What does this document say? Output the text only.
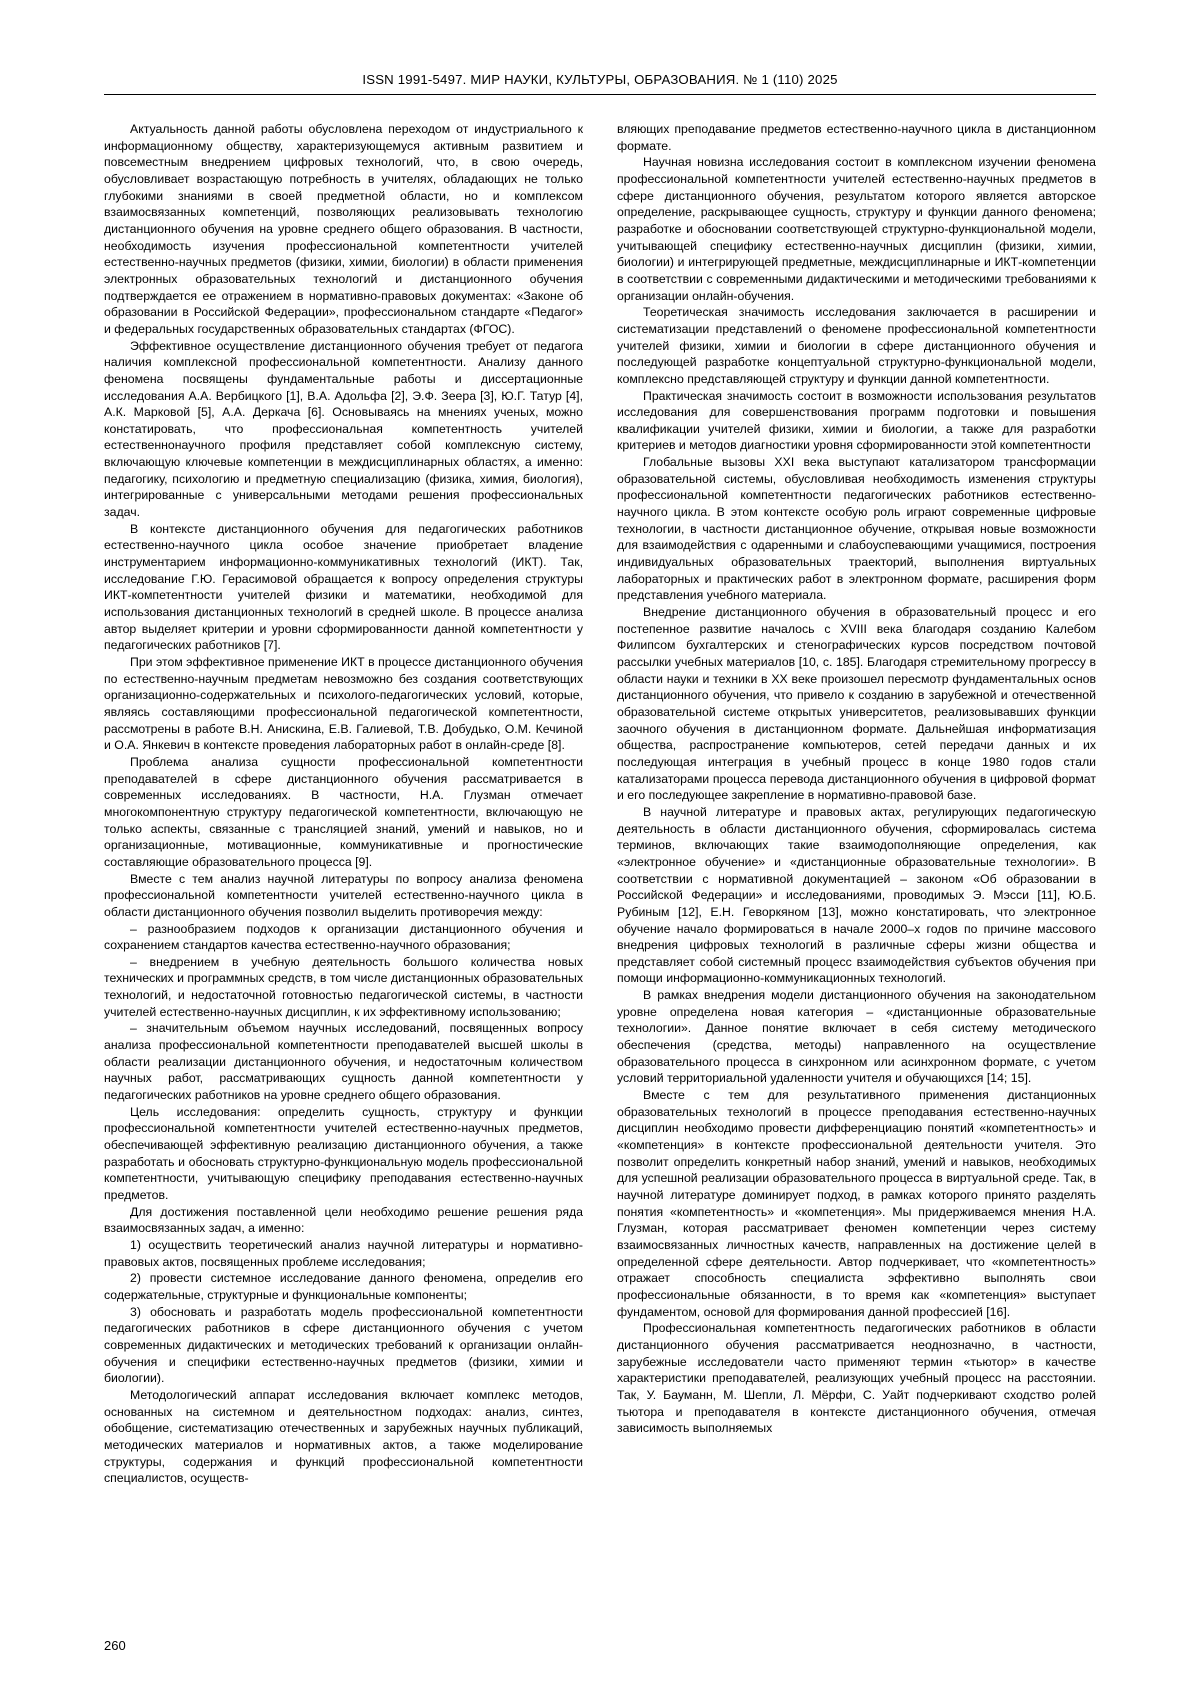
ISSN 1991-5497. МИР НАУКИ, КУЛЬТУРЫ, ОБРАЗОВАНИЯ. № 1 (110) 2025

Актуальность данной работы обусловлена переходом от индустриального к информационному обществу, характеризующемуся активным развитием и повсеместным внедрением цифровых технологий, что, в свою очередь, обусловливает возрастающую потребность в учителях, обладающих не только глубокими знаниями в своей предметной области, но и комплексом взаимосвязанных компетенций, позволяющих реализовывать технологию дистанционного обучения на уровне среднего общего образования. В частности, необходимость изучения профессиональной компетентности учителей естественно-научных предметов (физики, химии, биологии) в области применения электронных образовательных технологий и дистанционного обучения подтверждается ее отражением в нормативно-правовых документах: «Законе об образовании в Российской Федерации», профессиональном стандарте «Педагог» и федеральных государственных образовательных стандартах (ФГОС).

Эффективное осуществление дистанционного обучения требует от педагога наличия комплексной профессиональной компетентности. Анализу данного феномена посвящены фундаментальные работы и диссертационные исследования А.А. Вербицкого [1], В.А. Адольфа [2], Э.Ф. Зеера [3], Ю.Г. Татур [4], А.К. Марковой [5], А.А. Деркача [6]. Основываясь на мнениях ученых, можно констатировать, что профессиональная компетентность учителей естественнонаучного профиля представляет собой комплексную систему, включающую ключевые компетенции в междисциплинарных областях, а именно: педагогику, психологию и предметную специализацию (физика, химия, биология), интегрированные с универсальными методами решения профессиональных задач.

В контексте дистанционного обучения для педагогических работников естественно-научного цикла особое значение приобретает владение инструментарием информационно-коммуникативных технологий (ИКТ). Так, исследование Г.Ю. Герасимовой обращается к вопросу определения структуры ИКТ-компетентности учителей физики и математики, необходимой для использования дистанционных технологий в средней школе. В процессе анализа автор выделяет критерии и уровни сформированности данной компетентности у педагогических работников [7].

При этом эффективное применение ИКТ в процессе дистанционного обучения по естественно-научным предметам невозможно без создания соответствующих организационно-содержательных и психолого-педагогических условий, которые, являясь составляющими профессиональной педагогической компетентности, рассмотрены в работе В.Н. Анискина, Е.В. Галиевой, Т.В. Добудько, О.М. Кечиной и О.А. Янкевич в контексте проведения лабораторных работ в онлайн-среде [8].

Проблема анализа сущности профессиональной компетентности преподавателей в сфере дистанционного обучения рассматривается в современных исследованиях. В частности, Н.А. Глузман отмечает многокомпонентную структуру педагогической компетентности, включающую не только аспекты, связанные с трансляцией знаний, умений и навыков, но и организационные, мотивационные, коммуникативные и прогностические составляющие образовательного процесса [9].

Вместе с тем анализ научной литературы по вопросу анализа феномена профессиональной компетентности учителей естественно-научного цикла в области дистанционного обучения позволил выделить противоречия между:

– разнообразием подходов к организации дистанционного обучения и сохранением стандартов качества естественно-научного образования;

– внедрением в учебную деятельность большого количества новых технических и программных средств, в том числе дистанционных образовательных технологий, и недостаточной готовностью педагогической системы, в частности учителей естественно-научных дисциплин, к их эффективному использованию;

– значительным объемом научных исследований, посвященных вопросу анализа профессиональной компетентности преподавателей высшей школы в области реализации дистанционного обучения, и недостаточным количеством научных работ, рассматривающих сущность данной компетентности у педагогических работников на уровне среднего общего образования.

Цель исследования: определить сущность, структуру и функции профессиональной компетентности учителей естественно-научных предметов, обеспечивающей эффективную реализацию дистанционного обучения, а также разработать и обосновать структурно-функциональную модель профессиональной компетентности, учитывающую специфику преподавания естественно-научных предметов.

Для достижения поставленной цели необходимо решение решения ряда взаимосвязанных задач, а именно:

1) осуществить теоретический анализ научной литературы и нормативно-правовых актов, посвященных проблеме исследования;

2) провести системное исследование данного феномена, определив его содержательные, структурные и функциональные компоненты;

3) обосновать и разработать модель профессиональной компетентности педагогических работников в сфере дистанционного обучения с учетом современных дидактических и методических требований к организации онлайн-обучения и специфики естественно-научных предметов (физики, химии и биологии).

Методологический аппарат исследования включает комплекс методов, основанных на системном и деятельностном подходах: анализ, синтез, обобщение, систематизацию отечественных и зарубежных научных публикаций, методических материалов и нормативных актов, а также моделирование структуры, содержания и функций профессиональной компетентности специалистов, осуществ-

вляющих преподавание предметов естественно-научного цикла в дистанционном формате.

Научная новизна исследования состоит в комплексном изучении феномена профессиональной компетентности учителей естественно-научных предметов в сфере дистанционного обучения, результатом которого является авторское определение, раскрывающее сущность, структуру и функции данного феномена; разработке и обосновании соответствующей структурно-функциональной модели, учитывающей специфику естественно-научных дисциплин (физики, химии, биологии) и интегрирующей предметные, междисциплинарные и ИКТ-компетенции в соответствии с современными дидактическими и методическими требованиями к организации онлайн-обучения.

Теоретическая значимость исследования заключается в расширении и систематизации представлений о феномене профессиональной компетентности учителей физики, химии и биологии в сфере дистанционного обучения и последующей разработке концептуальной структурно-функциональной модели, комплексно представляющей структуру и функции данной компетентности.

Практическая значимость состоит в возможности использования результатов исследования для совершенствования программ подготовки и повышения квалификации учителей физики, химии и биологии, а также для разработки критериев и методов диагностики уровня сформированности этой компетентности

Глобальные вызовы XXI века выступают катализатором трансформации образовательной системы, обусловливая необходимость изменения структуры профессиональной компетентности педагогических работников естественно-научного цикла. В этом контексте особую роль играют современные цифровые технологии, в частности дистанционное обучение, открывая новые возможности для взаимодействия с одаренными и слабоуспевающими учащимися, построения индивидуальных образовательных траекторий, выполнения виртуальных лабораторных и практических работ в электронном формате, расширения форм представления учебного материала.

Внедрение дистанционного обучения в образовательный процесс и его постепенное развитие началось с XVIII века благодаря созданию Калебом Филипсом бухгалтерских и стенографических курсов посредством почтовой рассылки учебных материалов [10, с. 185]. Благодаря стремительному прогрессу в области науки и техники в XX веке произошел пересмотр фундаментальных основ дистанционного обучения, что привело к созданию в зарубежной и отечественной образовательной системе открытых университетов, реализовывавших функции заочного обучения в дистанционном формате. Дальнейшая информатизация общества, распространение компьютеров, сетей передачи данных и их последующая интеграция в учебный процесс в конце 1980 годов стали катализаторами процесса перевода дистанционного обучения в цифровой формат и его последующее закрепление в нормативно-правовой базе.

В научной литературе и правовых актах, регулирующих педагогическую деятельность в области дистанционного обучения, сформировалась система терминов, включающих такие взаимодополняющие определения, как «электронное обучение» и «дистанционные образовательные технологии». В соответствии с нормативной документацией – законом «Об образовании в Российской Федерации» и исследованиями, проводимых Э. Мэсси [11], Ю.Б. Рубиным [12], Е.Н. Геворкяном [13], можно констатировать, что электронное обучение начало формироваться в начале 2000–х годов по причине массового внедрения цифровых технологий в различные сферы жизни общества и представляет собой системный процесс взаимодействия субъектов обучения при помощи информационно-коммуникационных технологий.

В рамках внедрения модели дистанционного обучения на законодательном уровне определена новая категория – «дистанционные образовательные технологии». Данное понятие включает в себя систему методического обеспечения (средства, методы) направленного на осуществление образовательного процесса в синхронном или асинхронном формате, с учетом условий территориальной удаленности учителя и обучающихся [14; 15].

Вместе с тем для результативного применения дистанционных образовательных технологий в процессе преподавания естественно-научных дисциплин необходимо провести дифференциацию понятий «компетентность» и «компетенция» в контексте профессиональной деятельности учителя. Это позволит определить конкретный набор знаний, умений и навыков, необходимых для успешной реализации образовательного процесса в виртуальной среде. Так, в научной литературе доминирует подход, в рамках которого принято разделять понятия «компетентность» и «компетенция». Мы придерживаемся мнения Н.А. Глузман, которая рассматривает феномен компетенции через систему взаимосвязанных личностных качеств, направленных на достижение целей в определенной сфере деятельности. Автор подчеркивает, что «компетентность» отражает способность специалиста эффективно выполнять свои профессиональные обязанности, в то время как «компетенция» выступает фундаментом, основой для формирования данной профессией [16].

Профессиональная компетентность педагогических работников в области дистанционного обучения рассматривается неоднозначно, в частности, зарубежные исследователи часто применяют термин «тьютор» в качестве характеристики преподавателей, реализующих учебный процесс на расстоянии. Так, У. Бауманн, М. Шепли, Л. Мёрфи, С. Уайт подчеркивают сходство ролей тьютора и преподавателя в контексте дистанционного обучения, отмечая зависимость выполняемых

260
